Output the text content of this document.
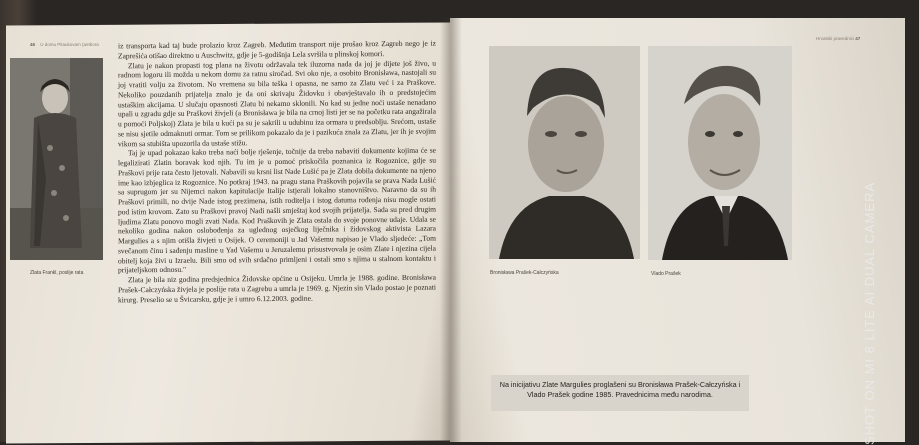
46 U domu Pitaukovam (aetbora
Hrvatski pravednici 47
Zlata Frankl, poslije rata	Bronisława Prašek-Całczyńska	Vlado Prašek

iz transporta kad taj bude prolazio kroz Zagreb. Međutim transport nije prošao kroz Zagreb nego je iz Zaprešića otišao direktno u Auschwitz, gdje je 5-godišnja Lela svršila u plinskoj komori.

Zlatu je nakon propasti tog plana na životu održavala tek iluzorna nada da joj je dijete još živo, u radnom logoru ili možda u nekom domu za ratnu siročad. Svi oko nje, a osobito Bronisława, nastojali su joj vratiti volju za životom. No vremena su bila teška i opasna, ne samo za Zlatu već i za Praškove. Nekoliko pouzdanih prijatelja znalo je da oni skrivaju Židovku i obavještavalo ih o predstojećim ustaškim akcijama. U slučaju opasnosti Zlatu bi nekamo sklonili. No kad su jedne noći ustaše nenadano upali u zgradu gdje su Praškovi živjeli (a Bronisława je bila na crnoj listi jer se na početku rata angažirala u pomoći Poljskoj) Zlata je bila u kući pa su je sakrili u udubinu iza ormara u predsoblju. Srećom, ustaše se nisu sjetile odmaknuti ormar. Tom se prilikom pokazalo da je i pazikuća znala za Zlatu, jer ih je svojim vikom sa stubišta upozorila da ustaše stižu.

Taj je upad pokazao kako treba naći bolje rješenje, točnije da treba nabaviti dokumente kojima će se legalizirati Zlatin boravak kod njih. Tu im je u pomoć priskočila poznanica iz Rogoznice, gdje su Praškovi prije rata često ljetovali. Nabavili su krsni list Nade Lušić pa je Zlata dobila dokumente na njeno ime kao izbjeglica iz Rogoznice. No potkraj 1943. na pragu stana Praškovih pojavila se prava Nada Lušić sa suprugom jer su Nijemci nakon kapitulacije Italije istjerali lokalno stanovništvo. Naravno da su ih Praškovi primili, no dvije Nade istog prezimena, istih roditelja i istog datuma rođenja nisu mogle ostati pod istim krovom. Zato su Praškovi pravoj Nadi našli smještaj kod svojih prijatelja. Sada su pred drugim ljudima Zlatu ponovo mogli zvati Nada. Kod Praškovih je Zlata ostala do svoje ponovne udaje. Udala se nekoliko godina nakon oslobođenja za uglednog osječkog liječnika i židovskog aktivista Lazara Margulies a s njim otišla živjeti u Osijek. O ceremoniji u Jad Vašemu napisao je Vlado sljedeće: „Tom svečanom činu i sađenju masline u Yad Vašemu u Jeruzalemu prisustvovala je osim Zlate i njezina cijela obitelj koja živi u Izraelu. Bili smo od svih srdačno primljeni i ostali smo s njima u stalnom kontaktu i prijateljskom odnosu."

Zlata je bila niz godina predsjednica Židovske općine u Osijeku. Umrla je 1988. godine. Bronisława Prašek-Całczyńska živjela je poslije rata u Zagrebu a umrla je 1969. g. Njezin sin Vlado postao je poznati kirurg. Preselio se u Švicarsku, gdje je i umro 6.12.2003. godine.

Na inicijativu Zlate Margulies proglašeni su Bronisława Prašek-Całczyńska i Vlado Prašek godine 1985. Pravednicima među narodima.	SHOT ON MI 8 LITE AI DUAL CAMERA
